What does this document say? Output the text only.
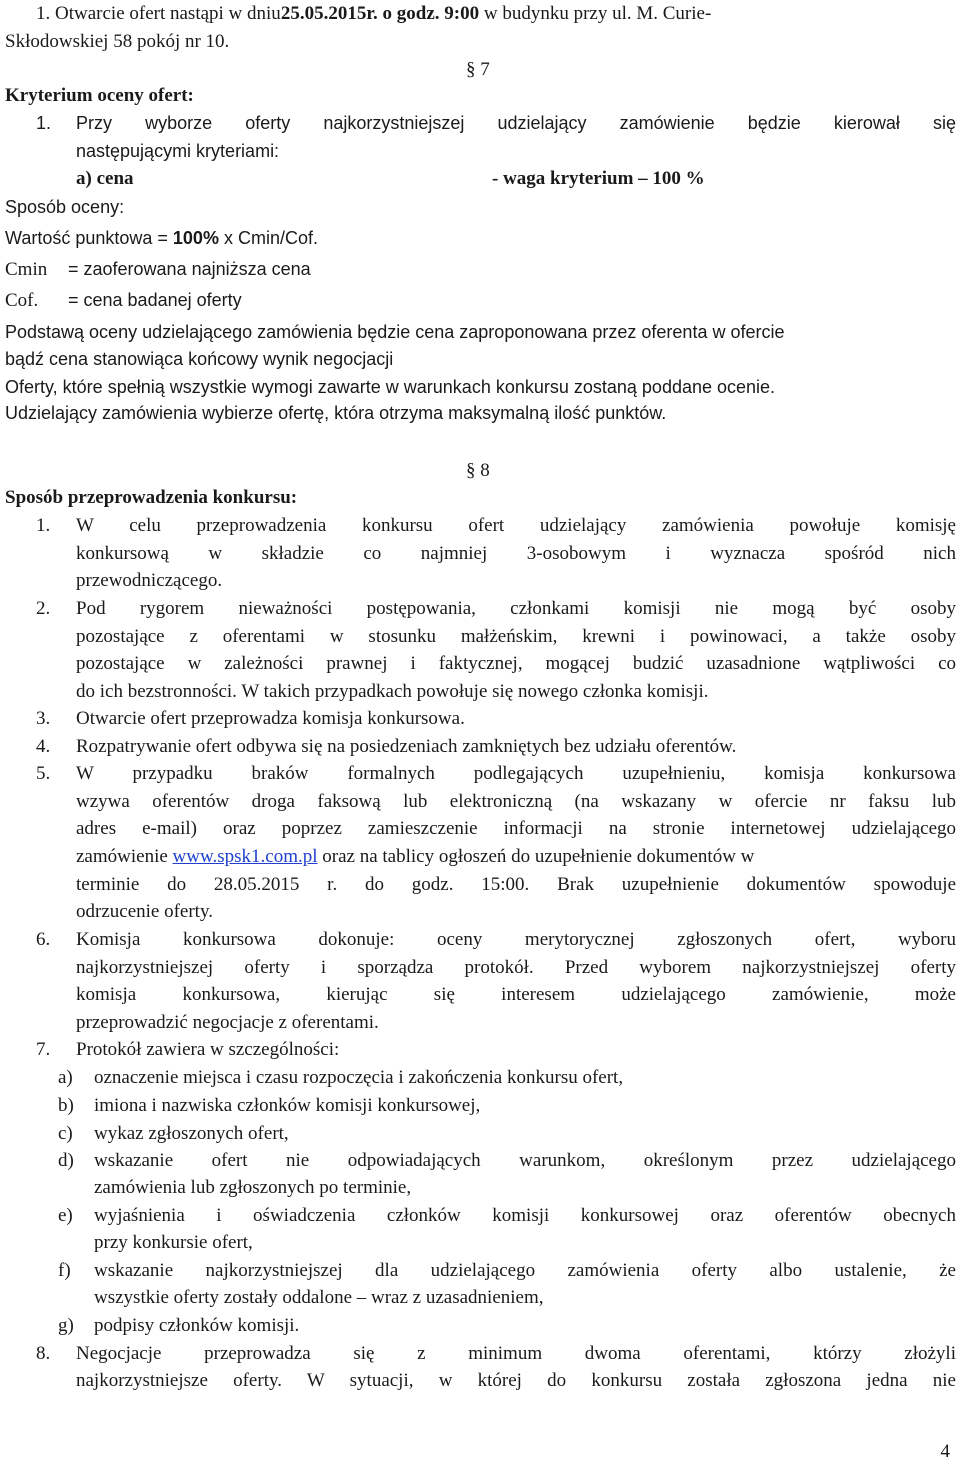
1. Otwarcie ofert nastąpi w dniu25.05.2015r. o godz. 9:00 w budynku przy ul. M. Curie-
Skłodowskiej 58 pokój nr 10.
§ 7
Kryterium oceny ofert:
1. Przy wyborze oferty najkorzystniejszej udzielający zamówienie będzie kierował się
następującymi kryteriami:
a) cena	- waga kryterium – 100 %
Sposób oceny:
Wartość punktowa = 100% x Cmin/Cof.
Cmin = zaoferowana najniższa cena
Cof. = cena badanej oferty
Podstawą oceny udzielającego zamówienia będzie cena zaproponowana przez oferenta w ofercie
bądź cena stanowiąca końcowy wynik negocjacji
Oferty, które spełnią wszystkie wymogi zawarte w warunkach konkursu zostaną poddane ocenie.
Udzielający zamówienia wybierze ofertę, która otrzyma maksymalną ilość punktów.
§ 8
Sposób przeprowadzenia konkursu:
1. W celu przeprowadzenia konkursu ofert udzielający zamówienia powołuje komisję
konkursową w składzie co najmniej 3-osobowym i wyznacza spośród nich
przewodniczącego.
2. Pod rygorem nieważności postępowania, członkami komisji nie mogą być osoby
pozostające z oferentami w stosunku małżeńskim, krewni i powinowaci, a także osoby
pozostające w zależności prawnej i faktycznej, mogącej budzić uzasadnione wątpliwości co
do ich bezstronności. W takich przypadkach powołuje się nowego członka komisji.
3. Otwarcie ofert przeprowadza komisja konkursowa.
4. Rozpatrywanie ofert odbywa się na posiedzeniach zamkniętych bez udziału oferentów.
5. W przypadku braków formalnych podlegających uzupełnieniu, komisja konkursowa
wzywa oferentów droga faksową lub elektroniczną (na wskazany w ofercie nr faksu lub
adres e-mail) oraz poprzez zamieszczenie informacji na stronie internetowej udzielającego
zamówienie www.spsk1.com.pl oraz na tablicy ogłoszeń do uzupełnienie dokumentów w
terminie do 28.05.2015 r. do godz. 15:00. Brak uzupełnienie dokumentów spowoduje
odrzucenie oferty.
6. Komisja konkursowa dokonuje: oceny merytorycznej zgłoszonych ofert, wyboru
najkorzystniejszej oferty i sporządza protokół. Przed wyborem najkorzystniejszej oferty
komisja konkursowa, kierując się interesem udzielającego zamówienie, może
przeprowadzić negocjacje z oferentami.
7. Protokół zawiera w szczególności:
a) oznaczenie miejsca i czasu rozpoczęcia i zakończenia konkursu ofert,
b) imiona i nazwiska członków komisji konkursowej,
c) wykaz zgłoszonych ofert,
d) wskazanie ofert nie odpowiadających warunkom, określonym przez udzielającego
zamówienia lub zgłoszonych po terminie,
e) wyjaśnienia i oświadczenia członków komisji konkursowej oraz oferentów obecnych
przy konkursie ofert,
f) wskazanie najkorzystniejszej dla udzielającego zamówienia oferty albo ustalenie, że
wszystkie oferty zostały oddalone – wraz z uzasadnieniem,
g) podpisy członków komisji.
8. Negocjacje przeprowadza się z minimum dwoma oferentami, którzy złożyli
najkorzystniejsze oferty. W sytuacji, w której do konkursu została zgłoszona jedna nie
4
